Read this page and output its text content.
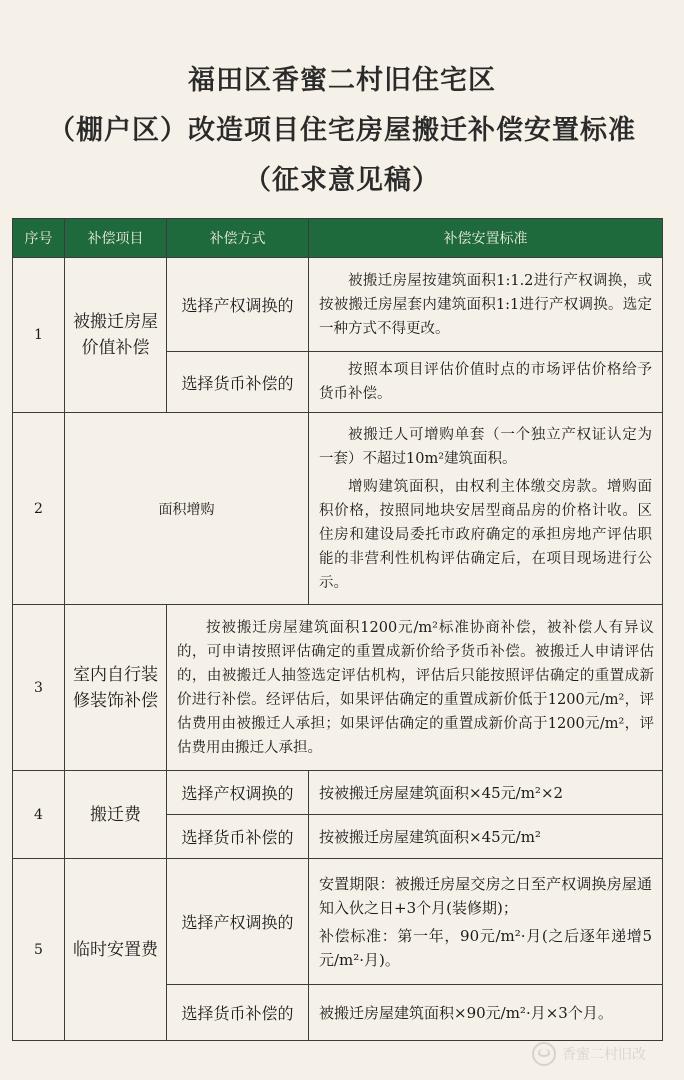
福田区香蜜二村旧住宅区
（棚户区）改造项目住宅房屋搬迁补偿安置标准
（征求意见稿）
序号	补偿项目	补偿方式	补偿安置标准
1	被搬迁房屋价值补偿	选择产权调换的	被搬迁房屋按建筑面积1:1.2进行产权调换，或按被搬迁房屋套内建筑面积1:1进行产权调换。选定一种方式不得更改。

		选择货币补偿的	按照本项目评估价值时点的市场评估价格给予货币补偿。

2	面积增购		被搬迁人可增购单套（一个独立产权证认定为一套）不超过10m²建筑面积。

增购建筑面积，由权利主体缴交房款。增购面积价格，按照同地块安居型商品房的价格计收。区住房和建设局委托市政府确定的承担房地产评估职能的非营利性机构评估确定后，在项目现场进行公示。

3	室内自行装修装饰补偿	按被搬迁房屋建筑面积1200元/m²标准协商补偿，被补偿人有异议的，可申请按照评估确定的重置成新价给予货币补偿。被搬迁人申请评估的，由被搬迁人抽签选定评估机构，评估后只能按照评估确定的重置成新价进行补偿。经评估后，如果评估确定的重置成新价低于1200元/m²，评估费用由被搬迁人承担；如果评估确定的重置成新价高于1200元/m²，评估费用由搬迁人承担。	

4	搬迁费	选择产权调换的	按被搬迁房屋建筑面积×45元/m²×2
		选择货币补偿的	按被搬迁房屋建筑面积×45元/m²
5	临时安置费	选择产权调换的	安置期限：被搬迁房屋交房之日至产权调换房屋通知入伙之日+3个月(装修期)；

补偿标准：第一年，90元/m²·月(之后逐年递增5元/m²·月)。

		选择货币补偿的	被搬迁房屋建筑面积×90元/m²·月×3个月。
香蜜二村旧改
